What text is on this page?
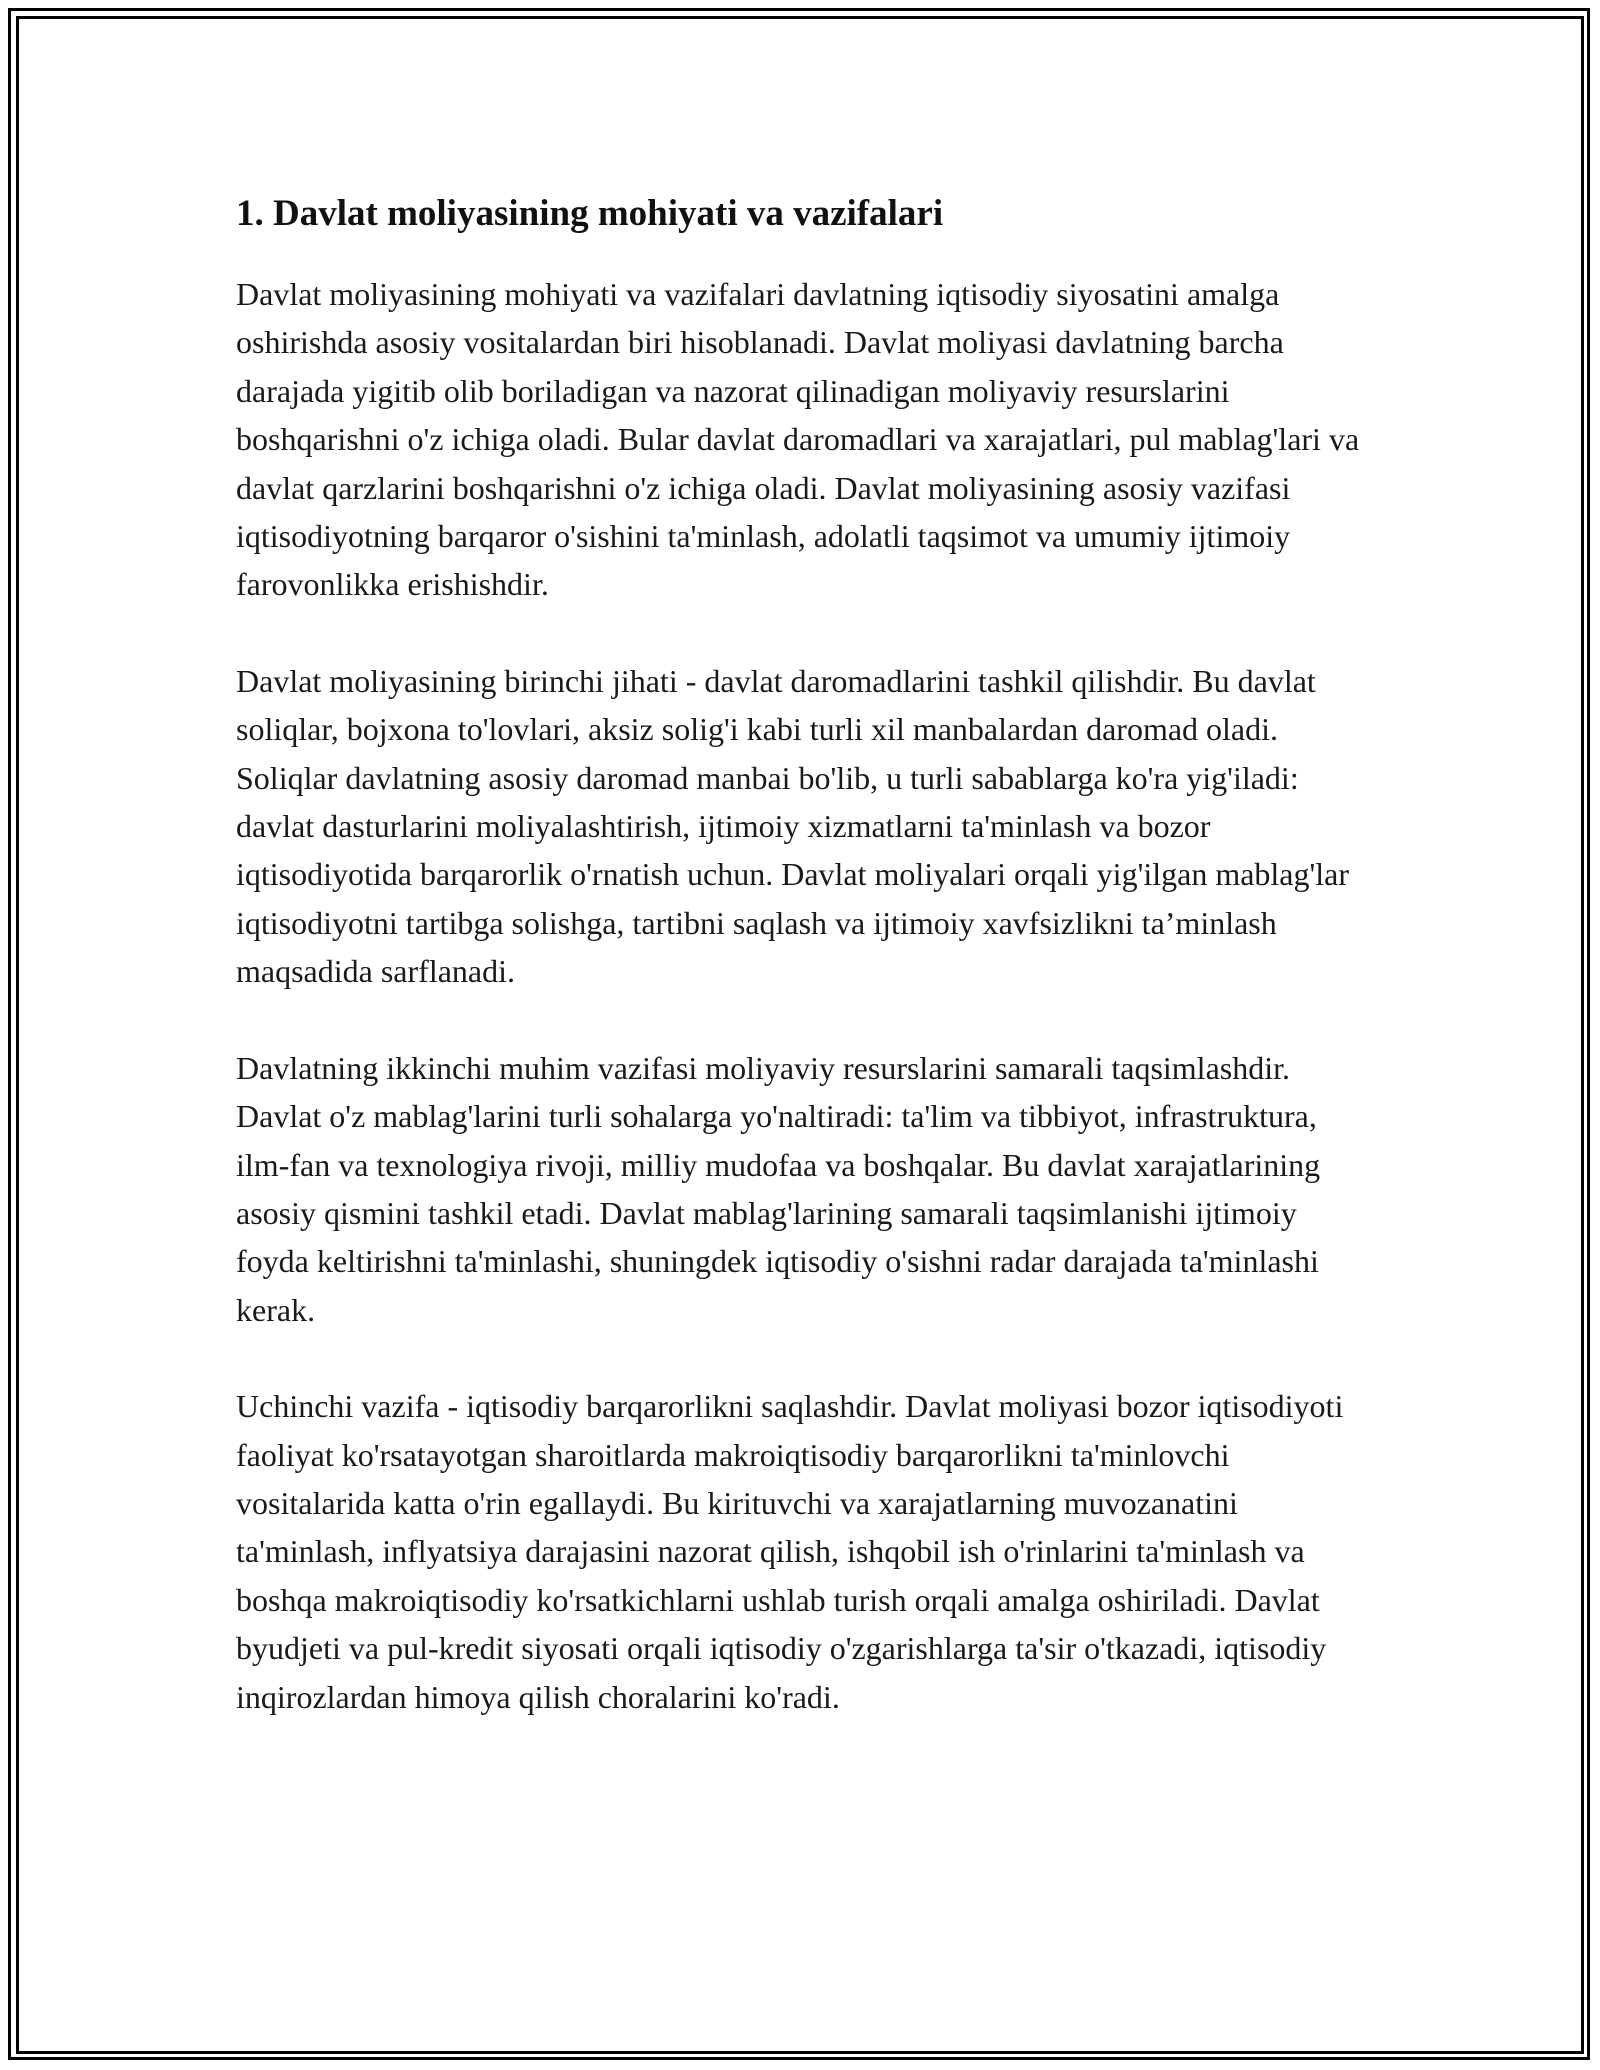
1. Davlat moliyasining mohiyati va vazifalari

Davlat moliyasining mohiyati va vazifalari davlatning iqtisodiy siyosatini amalga oshirishda asosiy vositalardan biri hisoblanadi. Davlat moliyasi davlatning barcha darajada yigitib olib boriladigan va nazorat qilinadigan moliyaviy resurslarini boshqarishni o'z ichiga oladi. Bular davlat daromadlari va xarajatlari, pul mablag'lari va davlat qarzlarini boshqarishni o'z ichiga oladi. Davlat moliyasining asosiy vazifasi iqtisodiyotning barqaror o'sishini ta'minlash, adolatli taqsimot va umumiy ijtimoiy farovonlikka erishishdir.

Davlat moliyasining birinchi jihati - davlat daromadlarini tashkil qilishdir. Bu davlat soliqlar, bojxona to'lovlari, aksiz solig'i kabi turli xil manbalardan daromad oladi. Soliqlar davlatning asosiy daromad manbai bo'lib, u turli sabablarga ko'ra yig'iladi: davlat dasturlarini moliyalashtirish, ijtimoiy xizmatlarni ta'minlash va bozor iqtisodiyotida barqarorlik o'rnatish uchun. Davlat moliyalari orqali yig'ilgan mablag'lar iqtisodiyotni tartibga solishga, tartibni saqlash va ijtimoiy xavfsizlikni ta’minlash maqsadida sarflanadi.

Davlatning ikkinchi muhim vazifasi moliyaviy resurslarini samarali taqsimlashdir. Davlat o'z mablag'larini turli sohalarga yo'naltiradi: ta'lim va tibbiyot, infrastruktura, ilm-fan va texnologiya rivoji, milliy mudofaa va boshqalar. Bu davlat xarajatlarining asosiy qismini tashkil etadi. Davlat mablag'larining samarali taqsimlanishi ijtimoiy foyda keltirishni ta'minlashi, shuningdek iqtisodiy o'sishni radar darajada ta'minlashi kerak.

Uchinchi vazifa - iqtisodiy barqarorlikni saqlashdir. Davlat moliyasi bozor iqtisodiyoti faoliyat ko'rsatayotgan sharoitlarda makroiqtisodiy barqarorlikni ta'minlovchi vositalarida katta o'rin egallaydi. Bu kirituvchi va xarajatlarning muvozanatini ta'minlash, inflyatsiya darajasini nazorat qilish, ishqobil ish o'rinlarini ta'minlash va boshqa makroiqtisodiy ko'rsatkichlarni ushlab turish orqali amalga oshiriladi. Davlat byudjeti va pul-kredit siyosati orqali iqtisodiy o'zgarishlarga ta'sir o'tkazadi, iqtisodiy inqirozlardan himoya qilish choralarini ko'radi.
